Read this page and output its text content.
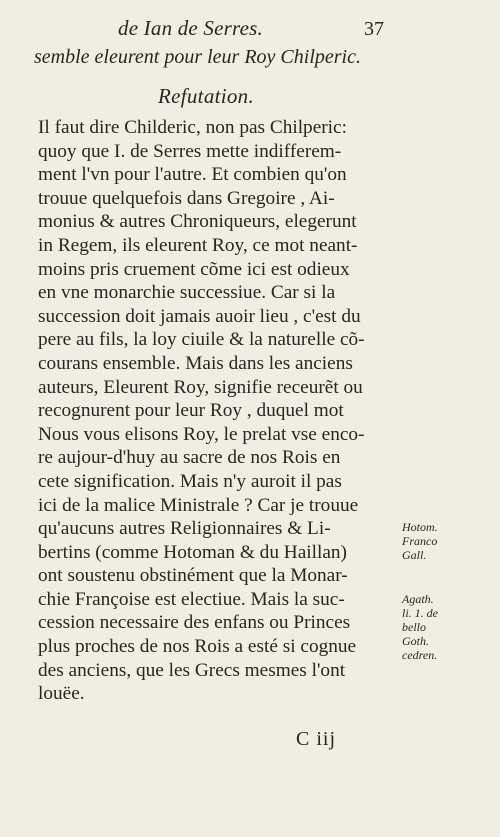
de Ian de Serres.	37
semble eleurent pour leur Roy Chilperic.
Refutation.
Il faut dire Childeric, non pas Chilperic:
quoy que I. de Serres mette indifferem-
ment l'vn pour l'autre. Et combien qu'on
trouue quelquefois dans Gregoire , Ai-
monius & autres Chroniqueurs, elegerunt
in Regem, ils eleurent Roy, ce mot neant-
moins pris cruement cõme ici est odieux
en vne monarchie successiue. Car si la
succession doit jamais auoir lieu , c'est du
pere au fils, la loy ciuile & la naturelle cõ-
courans ensemble. Mais dans les anciens
auteurs, Eleurent Roy, signifie receurẽt ou
recognurent pour leur Roy , duquel mot
Nous vous elisons Roy, le prelat vse enco-
re aujour-d'huy au sacre de nos Rois en
cete signification. Mais n'y auroit il pas
ici de la malice Ministrale ? Car je trouue
qu'aucuns autres Religionnaires & Li-
bertins (comme Hotoman & du Haillan)
ont soustenu obstinément que la Monar-
chie Françoise est electiue. Mais la suc-
cession necessaire des enfans ou Princes
plus proches de nos Rois a esté si cognue
des anciens, que les Grecs mesmes l'ont
louëe.
Hotom.
Franco
Gall.
Agath.
li. 1. de
bello
Goth.
cedren.
C iij
